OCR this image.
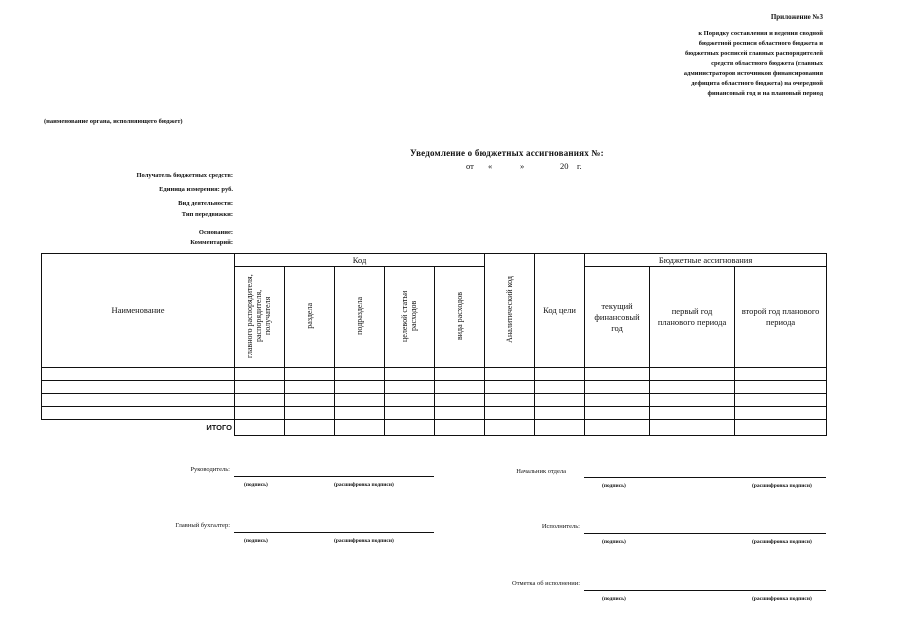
Приложение №3
к Порядку составления и ведения сводной
бюджетной росписи областного бюджета и
бюджетных росписей главных распорядителей
средств областного бюджета (главных
администраторов источников финансирования
дефицита областного бюджета) на очередной
финансовый год и на плановый период
(наименование органа, исполняющего бюджет)
Уведомление о бюджетных ассигнованиях №:
от «	»	20 г.
Получатель бюджетных средств:
Единица измерения: руб.
Вид деятельности:
Тип передвижки:
Основание:
Комментарий:
Наименование	Код					Аналитический код	Код цели	Бюджетные ассигнования		
	главного распорядителя, распорядителя, получателя	раздела	подраздела	целевой статьи расходов	вида расходов			текущий финансовый год	первый год планового периода	второй год планового периода

ИТОГО										
Руководитель:
(подпись)	(расшифровка подписи)
Главный бухгалтер:
(подпись)	(расшифровка подписи)
Начальник отдела
(подпись)	(расшифровка подписи)
Исполнитель:
(подпись)	(расшифровка подписи)
Отметка об исполнении:
(подпись)	(расшифровка подписи)
